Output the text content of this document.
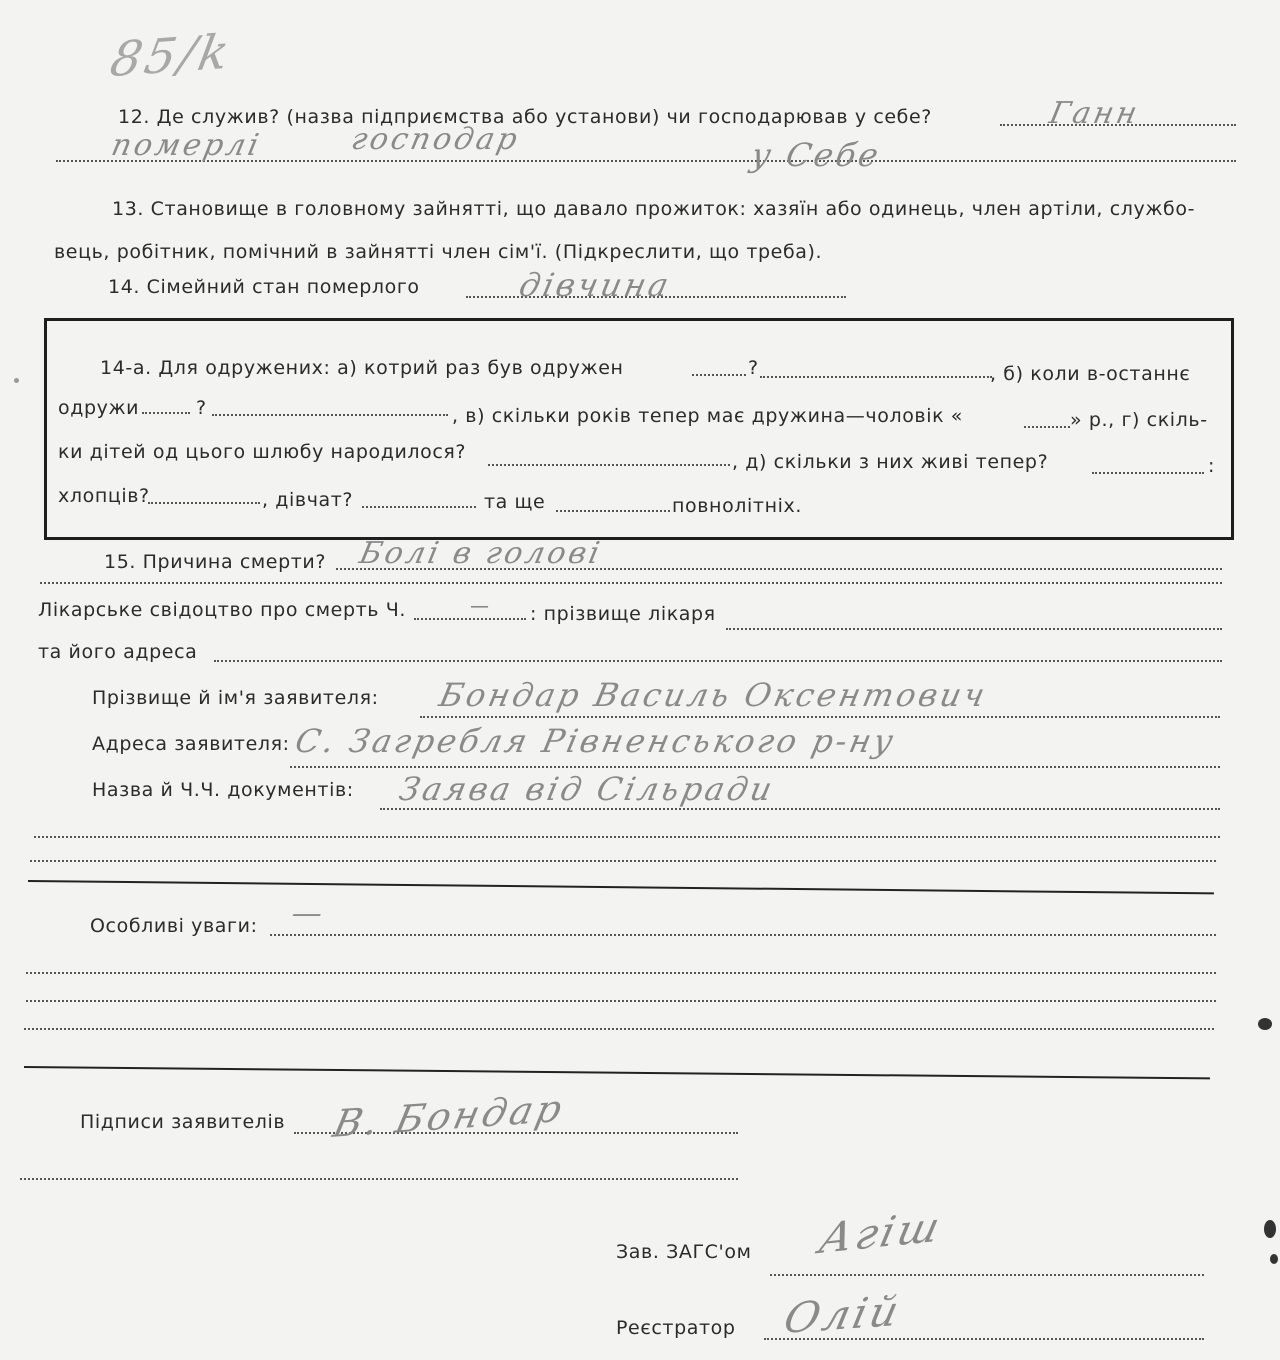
85/k
12. Де служив? (назва підприємства або установи) чи господарював у себе?	Ганн
померлі	господар	у Себе
13. Становище в головному зайнятті, що давало прожиток: хазяїн або одинець, член артіли, службо-
вець, робітник, помічний в зайнятті член сім'ї. (Підкреслити, що треба).
14. Сімейний стан померлого	дівчина
14-а. Для одружених: а) котрий раз був одружен	?	, б) коли в-останнє
одружи	?	, в) скільки років тепер має дружина—чоловік «	» р., г) скіль-
ки дітей од цього шлюбу народилося?	, д) скільки з них живі тепер?	:
хлопців?	, дівчат?	та ще	повнолітніх.
15. Причина смерти? Болі в голові
Лікарське свідоцтво про смерть Ч.	— : прізвище лікаря
та його адреса
Прізвище й ім'я заявителя: Бондар Василь Оксентович
Адреса заявителя: С. Загребля Рівненського р-ну
Назва й Ч.Ч. документів: Заява від Сільради
Особливі уваги: —
Підписи заявителів В. Бондар
Зав. ЗАГС'ом Агіш
Реєстратор Олій
